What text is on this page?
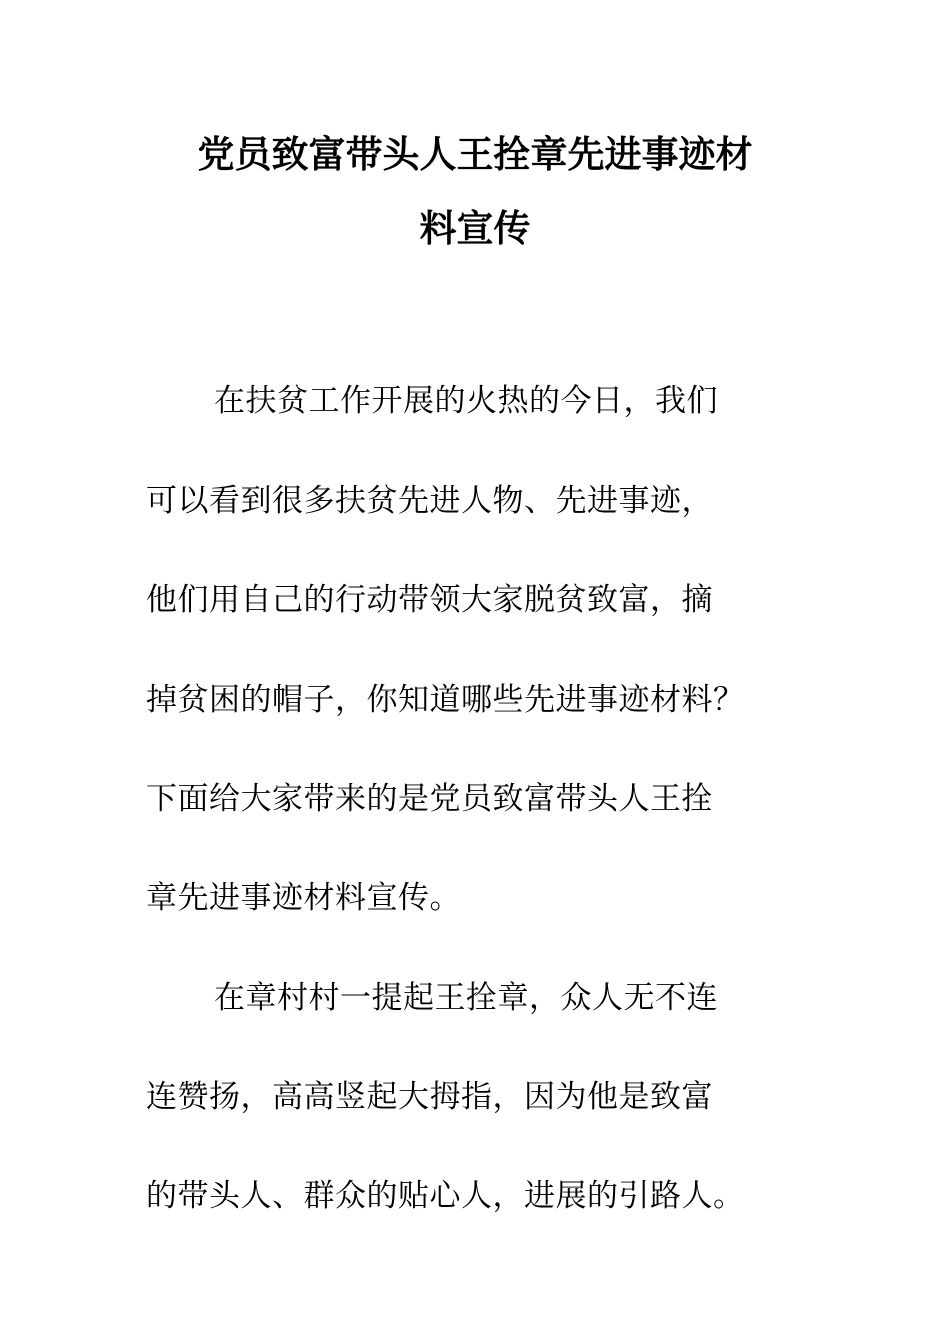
党员致富带头人王拴章先进事迹材
料宣传

在扶贫工作开展的火热的今日，我们

可以看到很多扶贫先进人物、先进事迹，

他们用自己的行动带领大家脱贫致富，摘

掉贫困的帽子，你知道哪些先进事迹材料？

下面给大家带来的是党员致富带头人王拴

章先进事迹材料宣传。

在章村村一提起王拴章，众人无不连

连赞扬，高高竖起大拇指，因为他是致富

的带头人、群众的贴心人，进展的引路人。
